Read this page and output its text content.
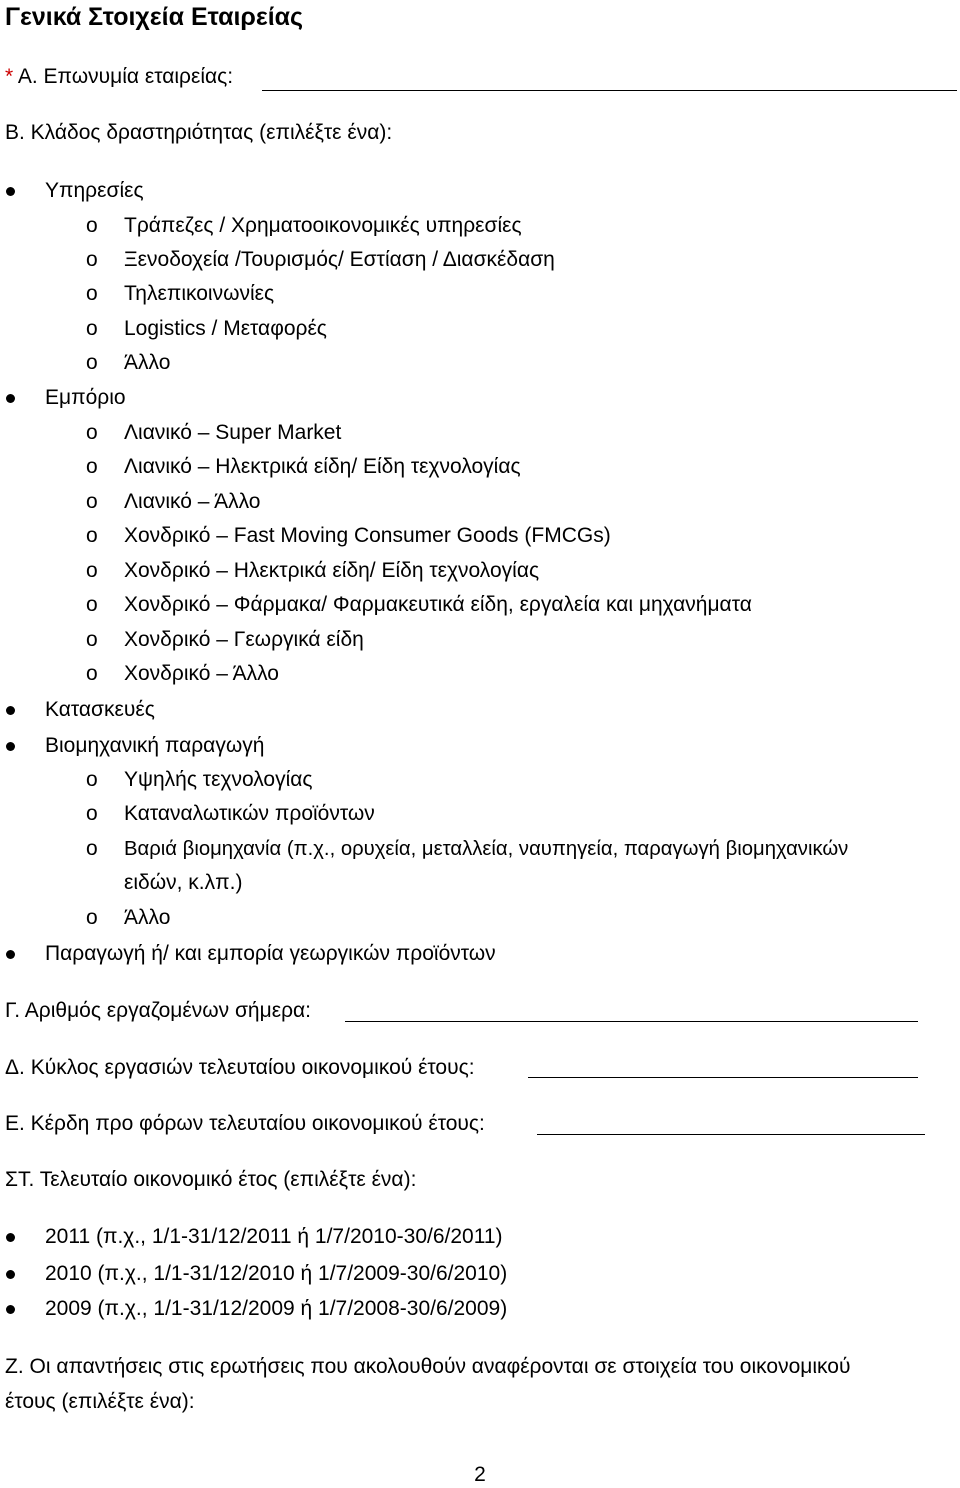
Γενικά Στοιχεία Εταιρείας
* Α. Επωνυμία εταιρείας:
Β. Κλάδος δραστηριότητας (επιλέξτε ένα):
Υπηρεσίες
o Τράπεζες / Χρηματοοικονομικές υπηρεσίες
o Ξενοδοχεία /Τουρισμός/ Εστίαση / Διασκέδαση
o Τηλεπικοινωνίες
o Logistics / Μεταφορές
o Άλλο
Εμπόριο
o Λιανικό – Super Market
o Λιανικό – Ηλεκτρικά είδη/ Είδη τεχνολογίας
o Λιανικό – Άλλο
o Χονδρικό – Fast Moving Consumer Goods (FMCGs)
o Χονδρικό – Ηλεκτρικά είδη/ Είδη τεχνολογίας
o Χονδρικό – Φάρμακα/ Φαρμακευτικά είδη, εργαλεία και μηχανήματα
o Χονδρικό – Γεωργικά είδη
o Χονδρικό – Άλλο
Κατασκευές
Βιομηχανική παραγωγή
o Υψηλής τεχνολογίας
o Καταναλωτικών προϊόντων
o Βαριά βιομηχανία (π.χ., ορυχεία, μεταλλεία, ναυπηγεία, παραγωγή βιομηχανικών
ειδών, κ.λπ.)
o Άλλο
Παραγωγή ή/ και εμπορία γεωργικών προϊόντων
Γ. Αριθμός εργαζομένων σήμερα:
Δ. Κύκλος εργασιών τελευταίου οικονομικού έτους:
Ε. Κέρδη προ φόρων τελευταίου οικονομικού έτους:
ΣΤ. Τελευταίο οικονομικό έτος (επιλέξτε ένα):
2011 (π.χ., 1/1-31/12/2011 ή 1/7/2010-30/6/2011)
2010 (π.χ., 1/1-31/12/2010 ή 1/7/2009-30/6/2010)
2009 (π.χ., 1/1-31/12/2009 ή 1/7/2008-30/6/2009)
Ζ. Οι απαντήσεις στις ερωτήσεις που ακολουθούν αναφέρονται σε στοιχεία του οικονομικού
έτους (επιλέξτε ένα):
2
